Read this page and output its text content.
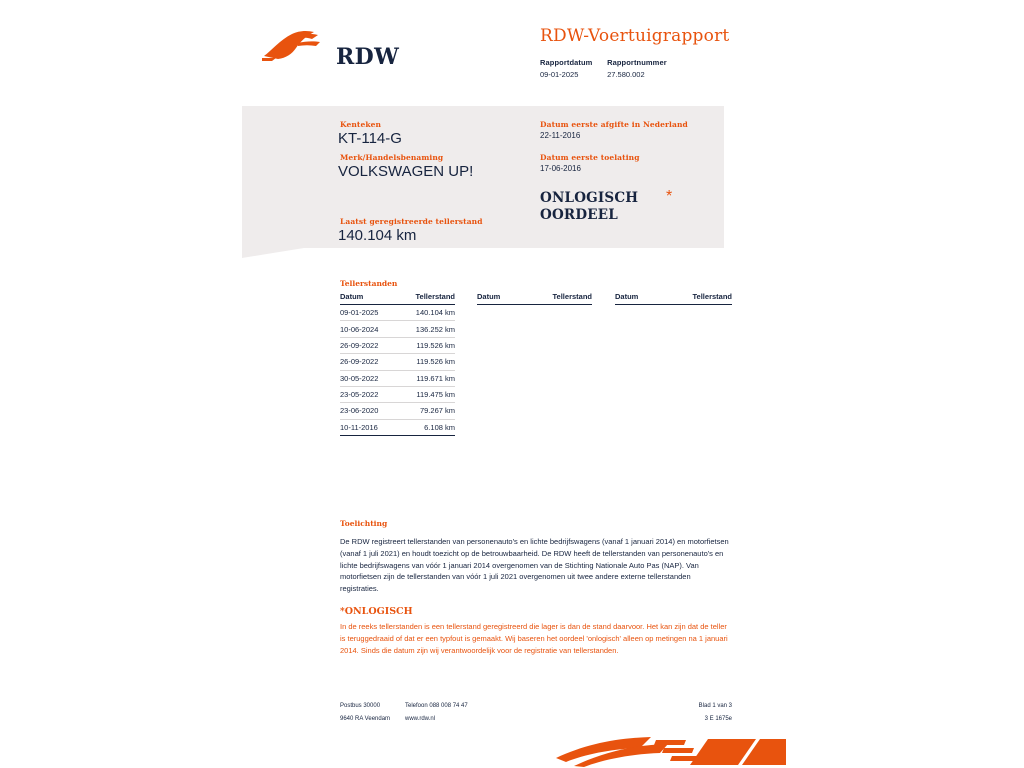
RDW
RDW-Voertuigrapport
Rapportdatum
09-01-2025

Rapportnummer
27.580.002
Kenteken
KT-114-G
Merk/Handelsbenaming
VOLKSWAGEN UP!
Laatst geregistreerde tellerstand
140.104 km
Datum eerste afgifte in Nederland
22-11-2016
Datum eerste toelating
17-06-2016
ONLOGISCH
OORDEEL
*
Tellerstanden
Datum	Tellerstand
09-01-2025	140.104 km
10-06-2024	136.252 km
26-09-2022	119.526 km
26-09-2022	119.526 km
30-05-2022	119.671 km
23-05-2022	119.475 km
23-06-2020	79.267 km
10-11-2016	6.108 km
Datum	Tellerstand	Datum	Tellerstand
Toelichting
De RDW registreert tellerstanden van personenauto's en lichte bedrijfswagens (vanaf 1 januari 2014) en motorfietsen (vanaf 1 juli 2021) en houdt toezicht op de betrouwbaarheid. De RDW heeft de tellerstanden van personenauto's en lichte bedrijfswagens van vóór 1 januari 2014 overgenomen van de Stichting Nationale Auto Pas (NAP). Van motorfietsen zijn de tellerstanden van vóór 1 juli 2021 overgenomen uit twee andere externe tellerstanden registraties.
*ONLOGISCH
In de reeks tellerstanden is een tellerstand geregistreerd die lager is dan de stand daarvoor. Het kan zijn dat de teller is teruggedraaid of dat er een typfout is gemaakt. Wij baseren het oordeel 'onlogisch' alleen op metingen na 1 januari 2014. Sinds die datum zijn wij verantwoordelijk voor de registratie van tellerstanden.
Postbus 30000	Telefoon 088 008 74 47	Blad 1 van 3
9640 RA Veendam www.rdw.nl	3 E 1675e
